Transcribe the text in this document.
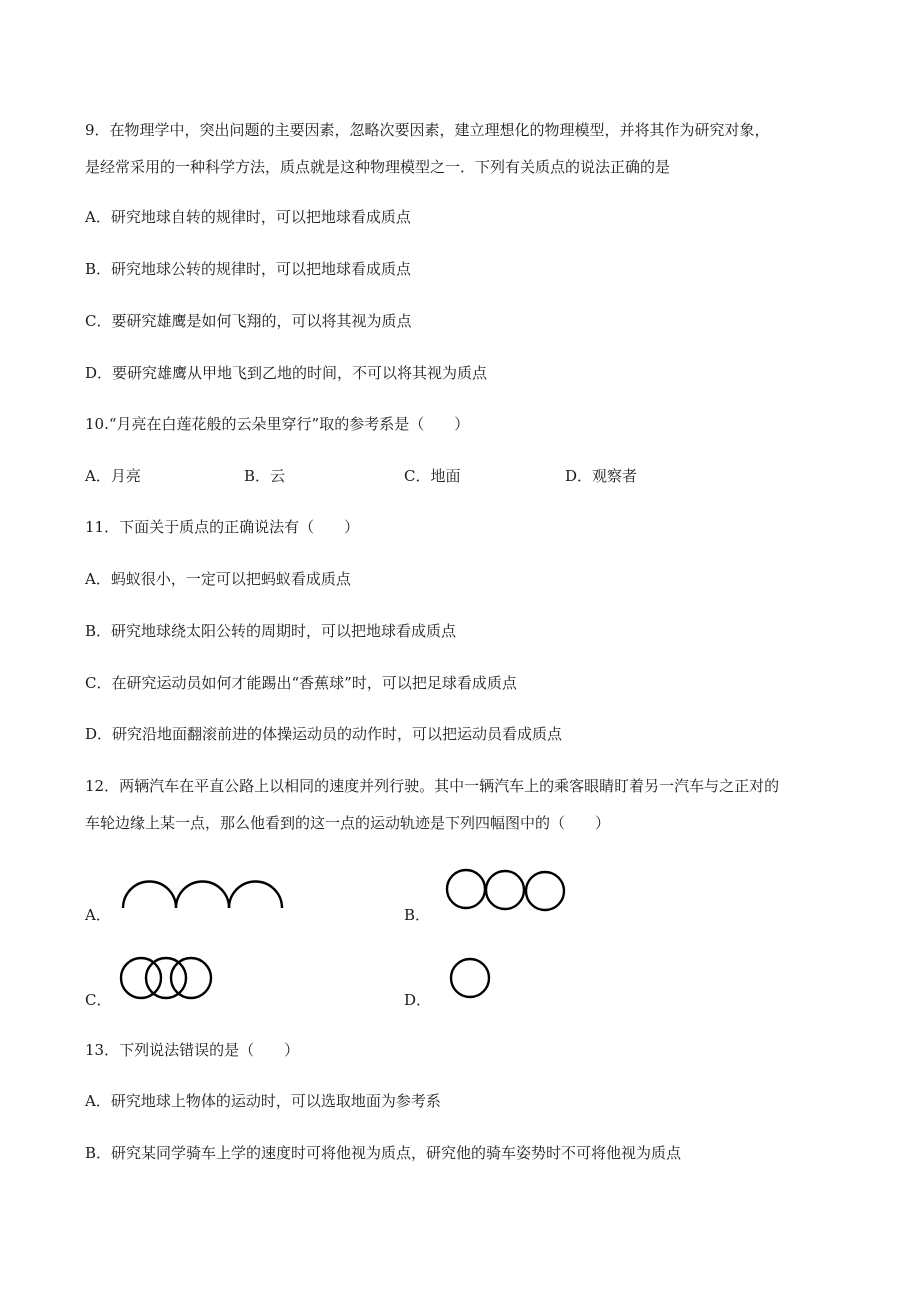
9．在物理学中，突出问题的主要因素，忽略次要因素，建立理想化的物理模型，并将其作为研究对象，
是经常采用的一种科学方法，质点就是这种物理模型之一．下列有关质点的说法正确的是
A．研究地球自转的规律时，可以把地球看成质点
B．研究地球公转的规律时，可以把地球看成质点
C．要研究雄鹰是如何飞翔的，可以将其视为质点
D．要研究雄鹰从甲地飞到乙地的时间，不可以将其视为质点
10.“月亮在白莲花般的云朵里穿行”取的参考系是（　　）
A．月亮	B．云	C．地面	D．观察者
11．下面关于质点的正确说法有（　　）
A．蚂蚁很小，一定可以把蚂蚁看成质点
B．研究地球绕太阳公转的周期时，可以把地球看成质点
C．在研究运动员如何才能踢出“香蕉球”时，可以把足球看成质点
D．研究沿地面翻滚前进的体操运动员的动作时，可以把运动员看成质点
12．两辆汽车在平直公路上以相同的速度并列行驶。其中一辆汽车上的乘客眼睛盯着另一汽车与之正对的
车轮边缘上某一点，那么他看到的这一点的运动轨迹是下列四幅图中的（　　）
A．	B．
C．	D．
13．下列说法错误的是（　　）
A．研究地球上物体的运动时，可以选取地面为参考系
B．研究某同学骑车上学的速度时可将他视为质点，研究他的骑车姿势时不可将他视为质点
